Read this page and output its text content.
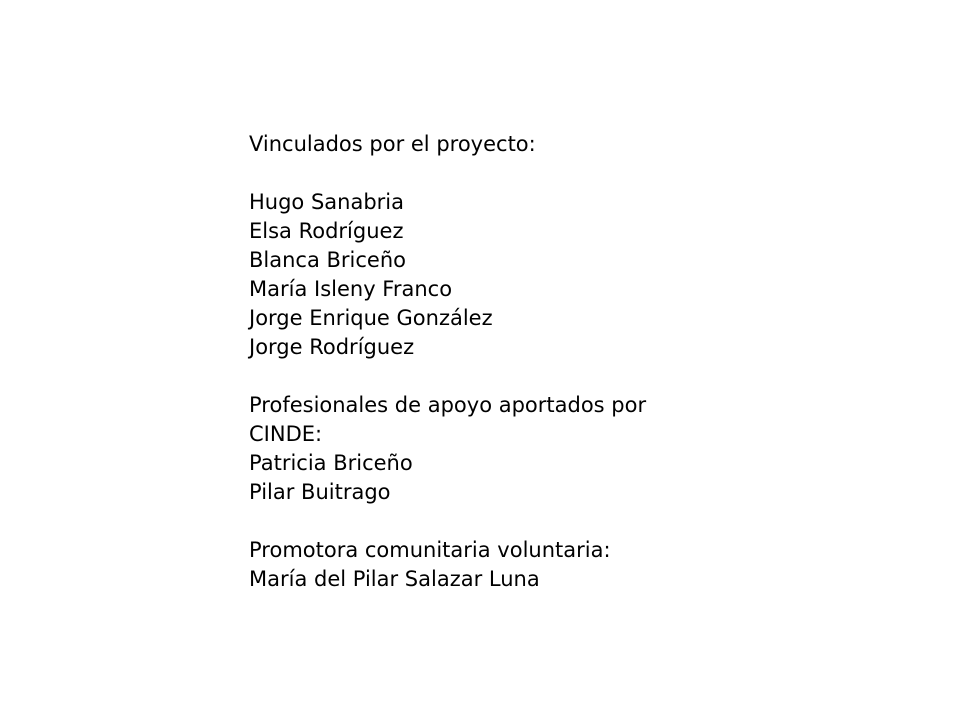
Vinculados por el proyecto:

Hugo Sanabria

Elsa Rodríguez

Blanca Briceño

María Isleny Franco

Jorge Enrique González

Jorge Rodríguez

Profesionales de apoyo aportados por

CINDE:

Patricia Briceño

Pilar Buitrago

Promotora comunitaria voluntaria:

María del Pilar Salazar Luna
